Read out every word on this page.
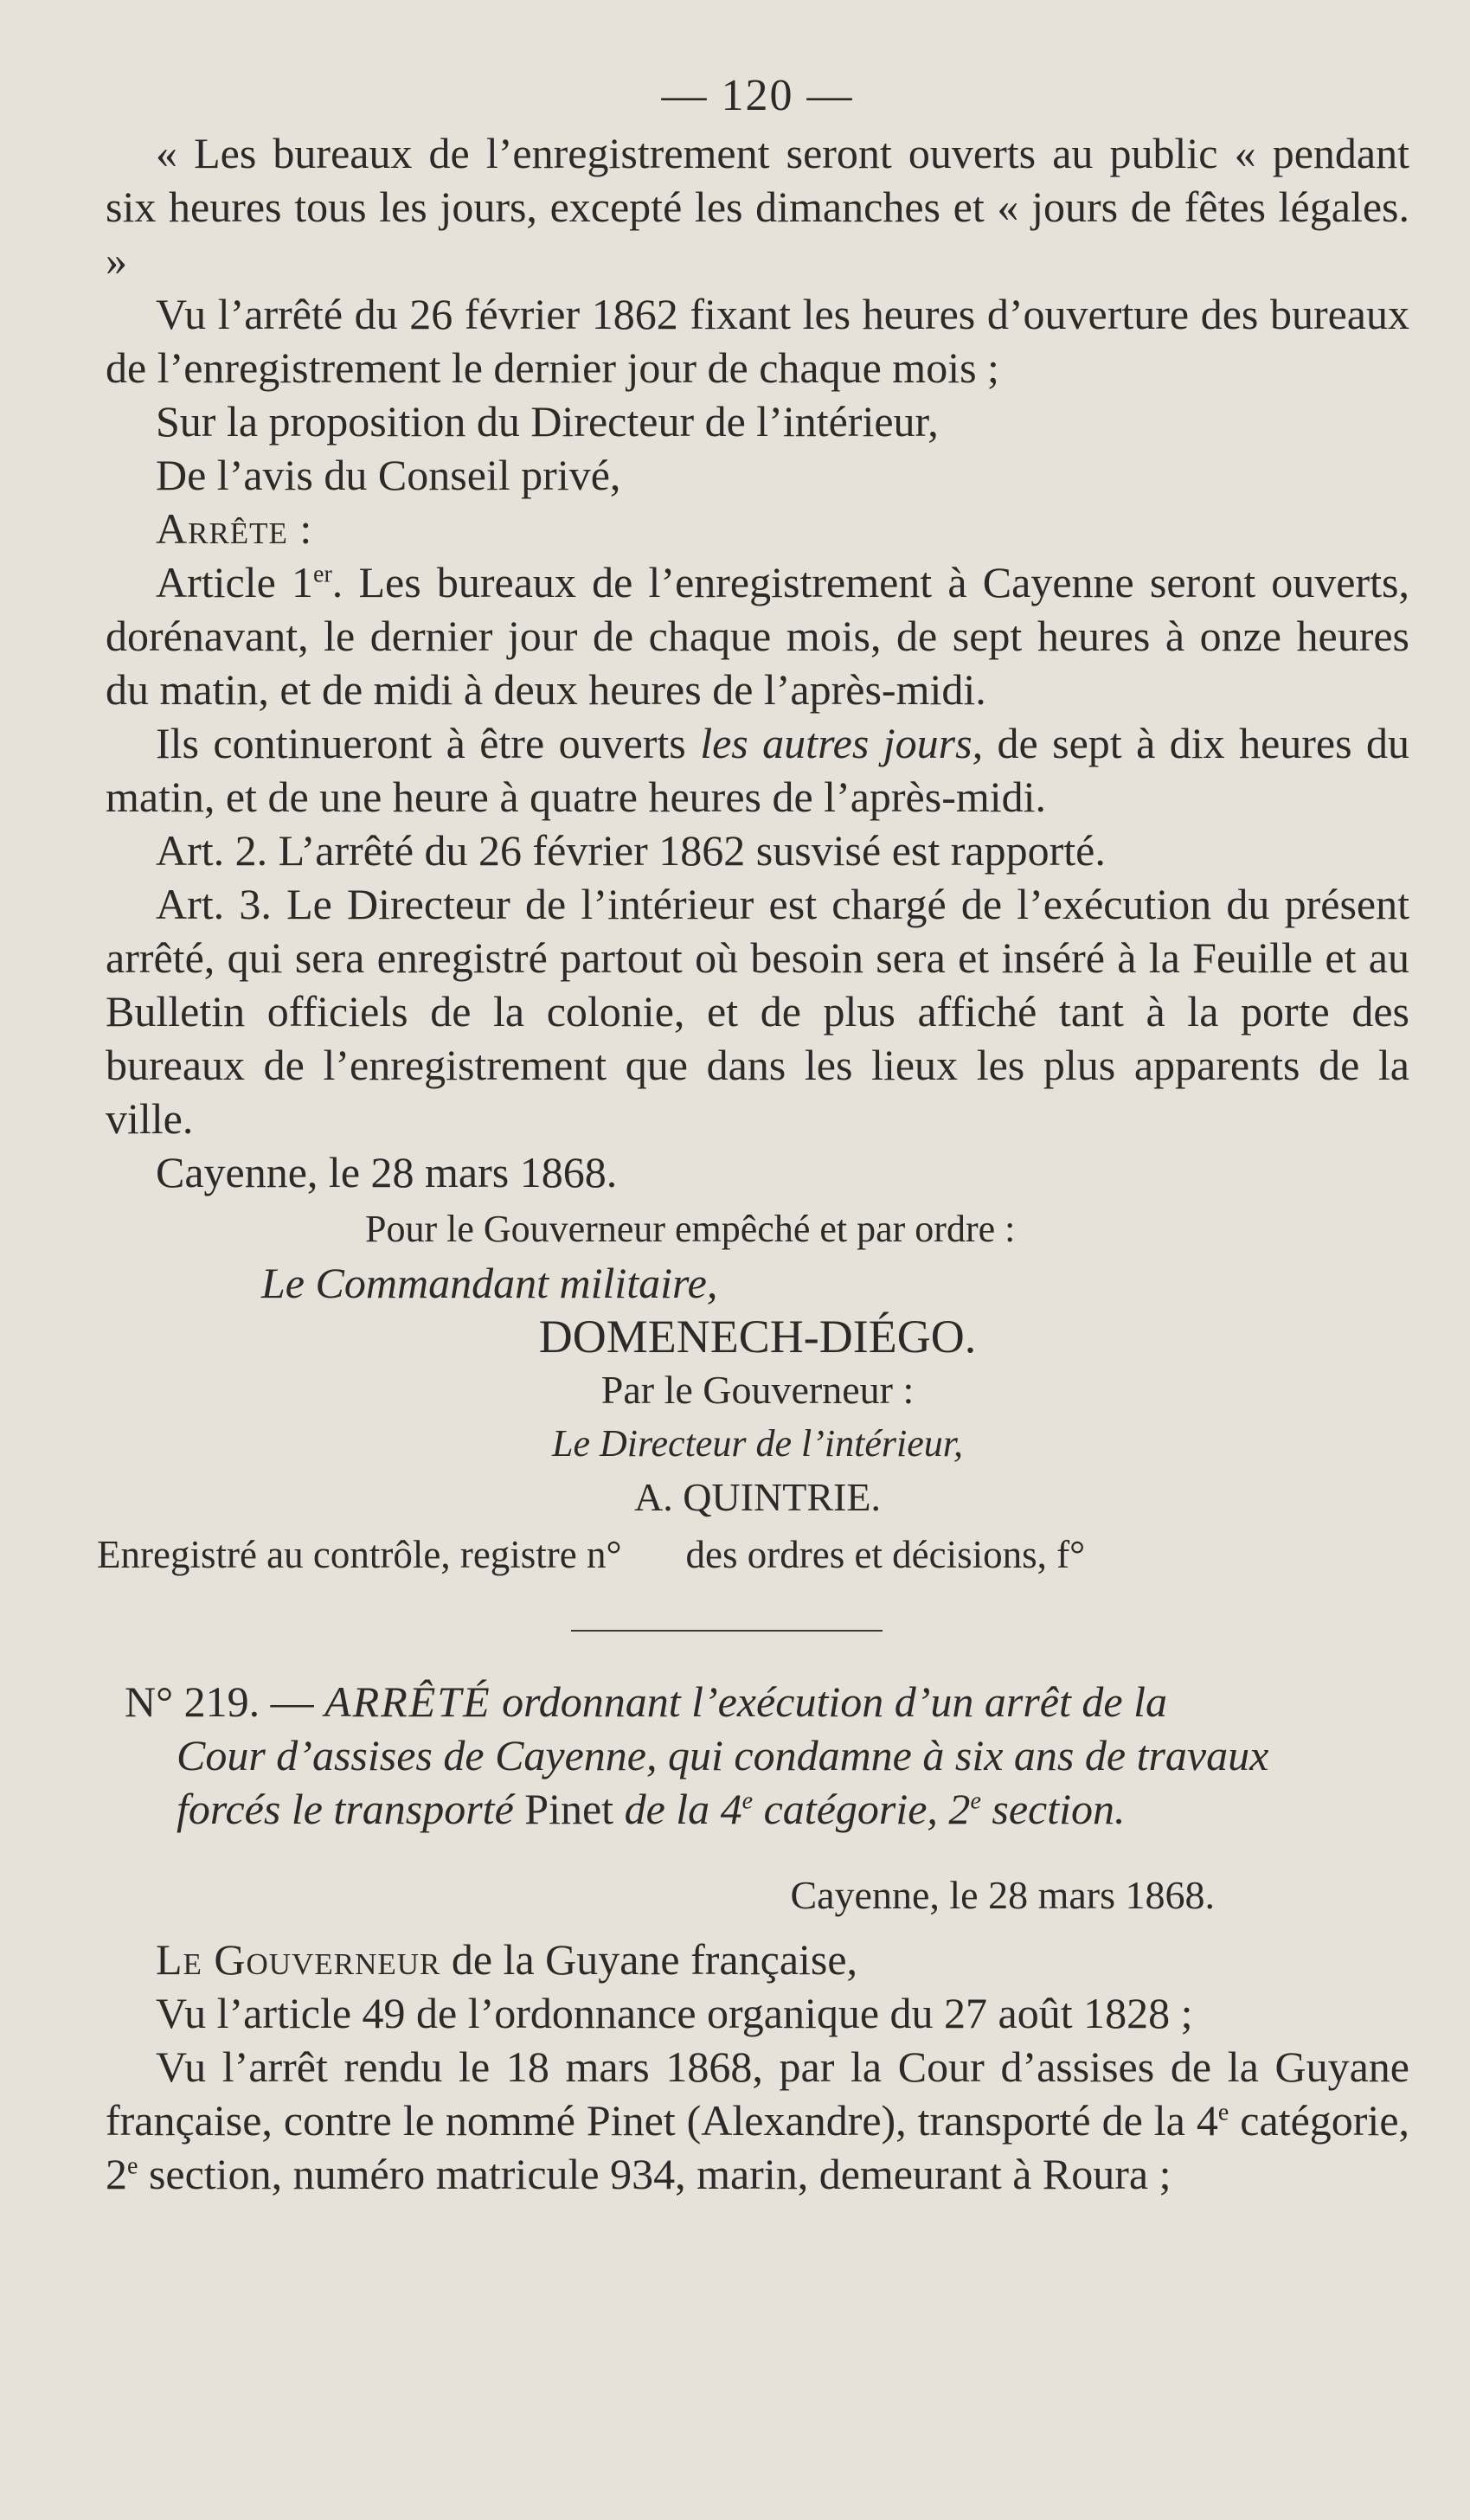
— 120 —

« Les bureaux de l’enregistrement seront ouverts au public « pendant six heures tous les jours, excepté les dimanches et « jours de fêtes légales. »

Vu l’arrêté du 26 février 1862 fixant les heures d’ouverture des bureaux de l’enregistrement le dernier jour de chaque mois ;

Sur la proposition du Directeur de l’intérieur,

De l’avis du Conseil privé,

Arrête :

Article 1er. Les bureaux de l’enregistrement à Cayenne seront ouverts, dorénavant, le dernier jour de chaque mois, de sept heures à onze heures du matin, et de midi à deux heures de l’après-midi.

Ils continueront à être ouverts les autres jours, de sept à dix heures du matin, et de une heure à quatre heures de l’après-midi.

Art. 2. L’arrêté du 26 février 1862 susvisé est rapporté.

Art. 3. Le Directeur de l’intérieur est chargé de l’exécution du présent arrêté, qui sera enregistré partout où besoin sera et inséré à la Feuille et au Bulletin officiels de la colonie, et de plus affiché tant à la porte des bureaux de l’enregistrement que dans les lieux les plus apparents de la ville.

Cayenne, le 28 mars 1868.

Pour le Gouverneur empêché et par ordre :
Le Commandant militaire,
DOMENECH-DIÉGO.
Par le Gouverneur :
Le Directeur de l’intérieur,
A. QUINTRIE.

Enregistré au contrôle, registre n° des ordres et décisions, f°

N° 219. — ARRÊTÉ ordonnant l’exécution d’un arrêt de la

Cour d’assises de Cayenne, qui condamne à six ans de travaux

forcés le transporté Pinet de la 4e catégorie, 2e section.

Cayenne, le 28 mars 1868.

Le Gouverneur de la Guyane française,

Vu l’article 49 de l’ordonnance organique du 27 août 1828 ;

Vu l’arrêt rendu le 18 mars 1868, par la Cour d’assises de la Guyane française, contre le nommé Pinet (Alexandre), transporté de la 4e catégorie, 2e section, numéro matricule 934, marin, demeurant à Roura ;
